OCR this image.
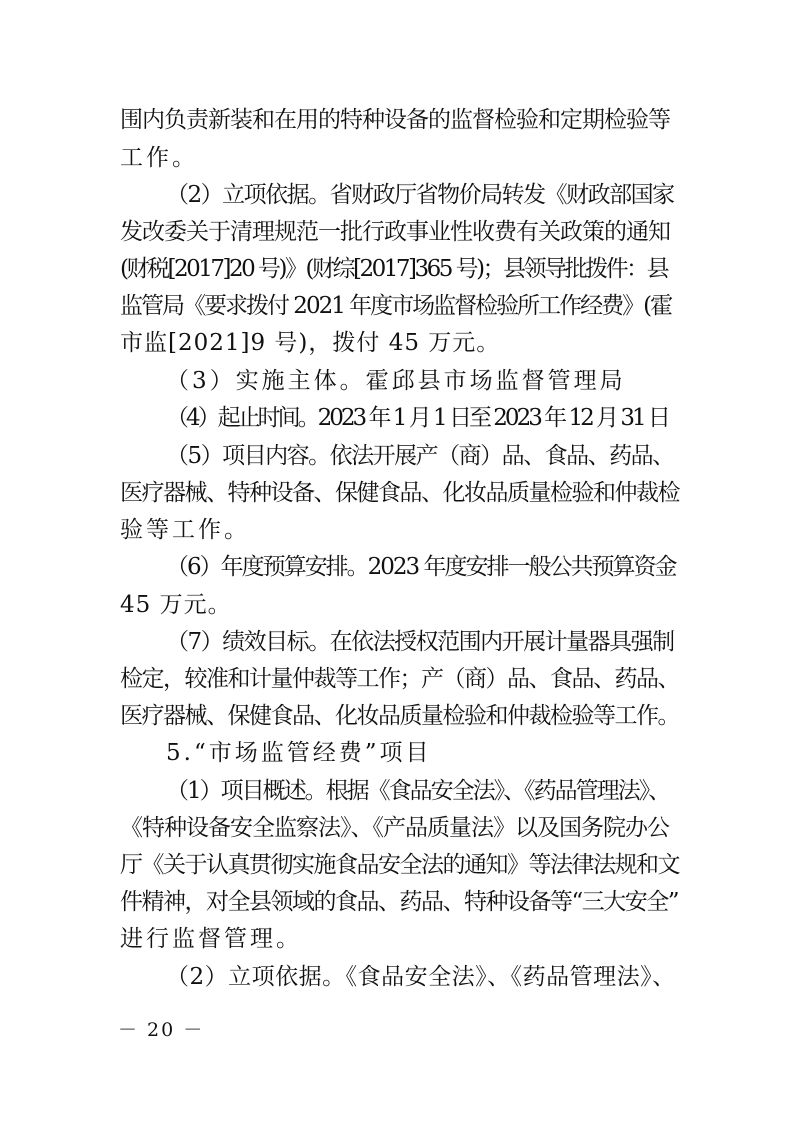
围内负责新装和在用的特种设备的监督检验和定期检验等
工作。
（2）立项依据。省财政厅省物价局转发《财政部国家
发改委关于清理规范一批行政事业性收费有关政策的通知
(财税[2017]20 号)》(财综[2017]365 号)；县领导批拨件：县
监管局《要求拨付 2021 年度市场监督检验所工作经费》(霍
市监[2021]9 号)，拨付 45 万元。
（3）实施主体。霍邱县市场监督管理局
（4）起止时间。2023 年 1 月 1 日至 2023 年 12 月 31 日
（5）项目内容。依法开展产（商）品、食品、药品、
医疗器械、特种设备、保健食品、化妆品质量检验和仲裁检
验等工作。
（6）年度预算安排。2023 年度安排一般公共预算资金
45 万元。
（7）绩效目标。在依法授权范围内开展计量器具强制
检定，较准和计量仲裁等工作；产（商）品、食品、药品、
医疗器械、保健食品、化妆品质量检验和仲裁检验等工作。
5.“市场监管经费”项目
（1）项目概述。根据《食品安全法》、《药品管理法》、
《特种设备安全监察法》、《产品质量法》以及国务院办公
厅《关于认真贯彻实施食品安全法的通知》等法律法规和文
件精神，对全县领域的食品、药品、特种设备等“三大安全”
进行监督管理。
（2）立项依据。《食品安全法》、《药品管理法》、
－ 20 －
